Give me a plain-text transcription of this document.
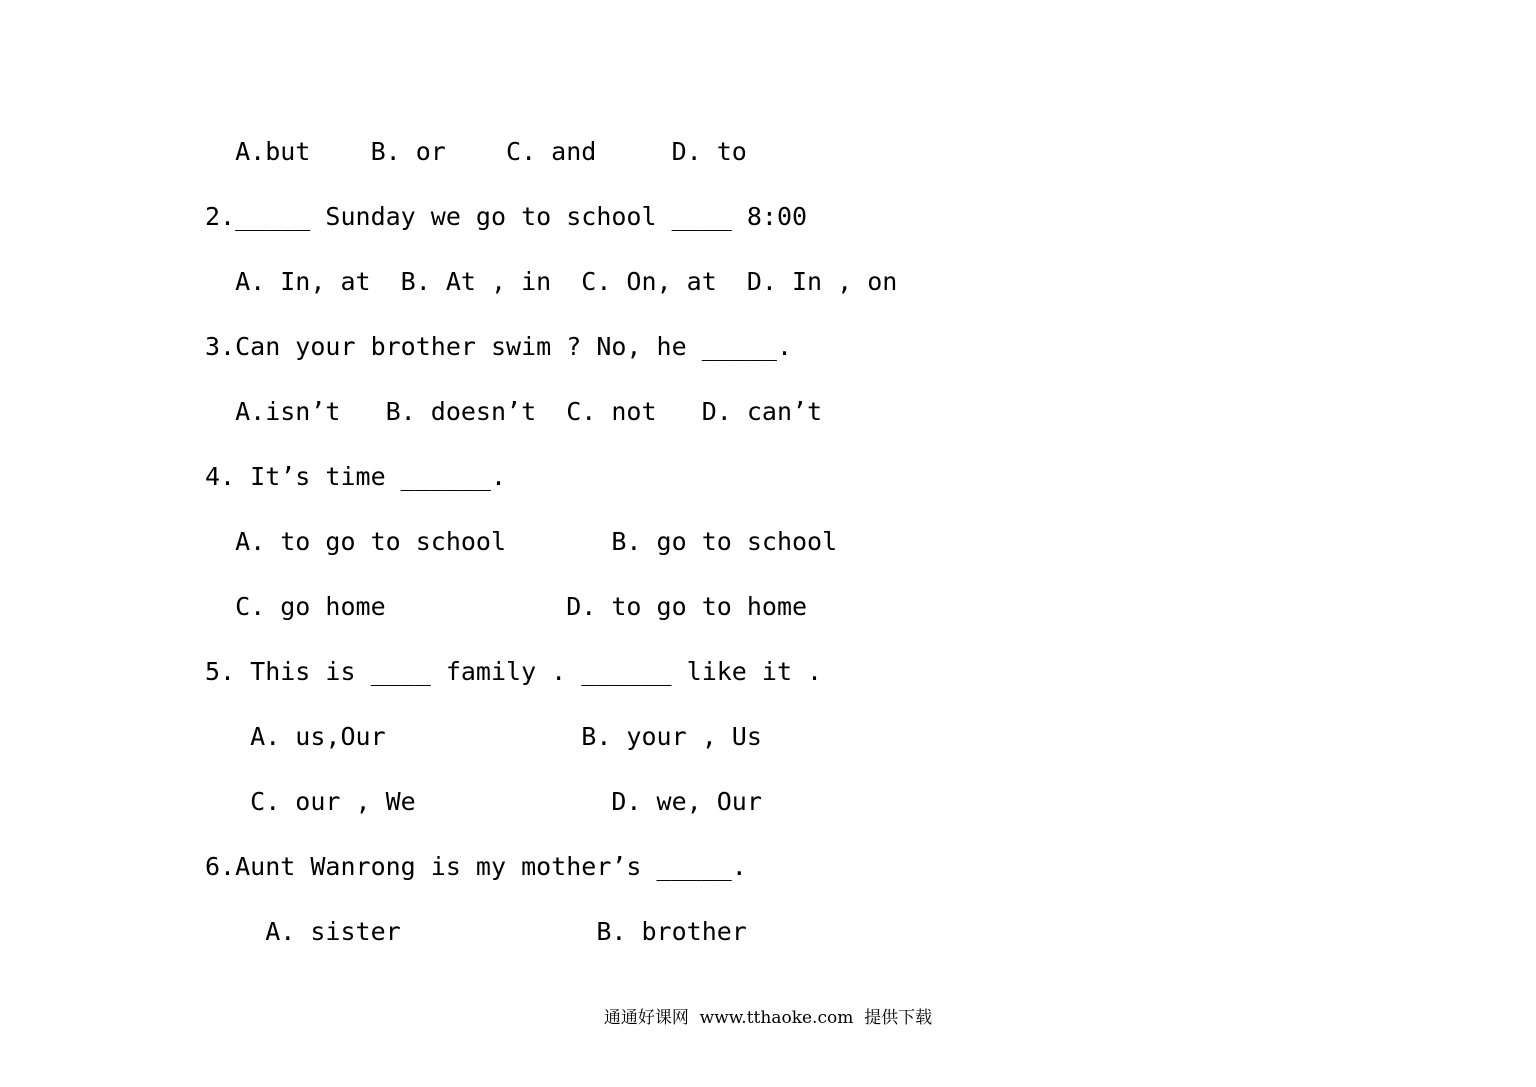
A.but    B. or    C. and     D. to
2._____ Sunday we go to school ____ 8:00
A. In, at  B. At , in  C. On, at  D. In , on
3.Can your brother swim ? No, he _____.
A.isn’t   B. doesn’t  C. not   D. can’t
4. It’s time ______.
A. to go to school       B. go to school
C. go home            D. to go to home
5. This is ____ family . ______ like it .
A. us,Our             B. your , Us
C. our , We             D. we, Our
6.Aunt Wanrong is my mother’s _____.
A. sister             B. brother
通通好课网  www.tthaoke.com  提供下载
